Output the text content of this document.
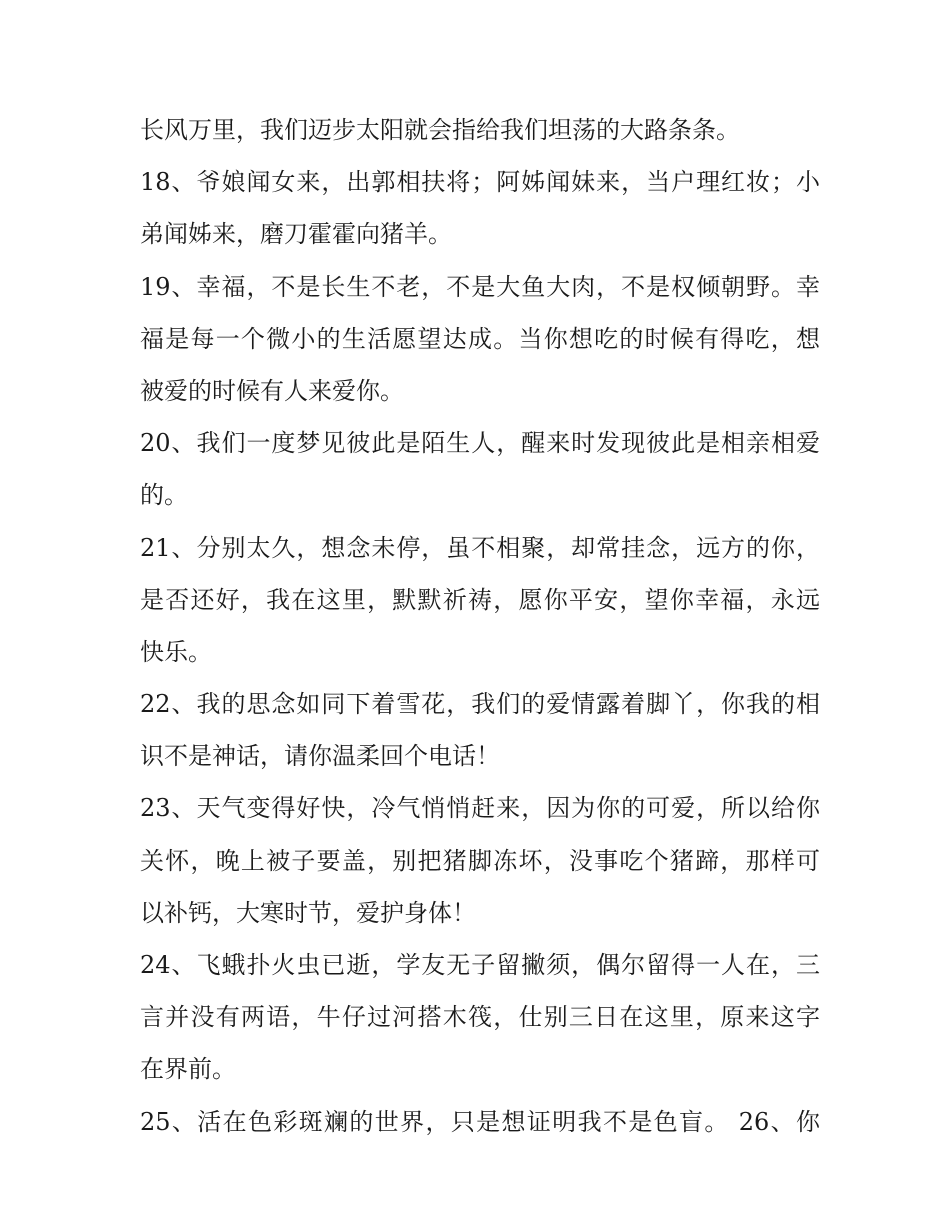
长风万里，我们迈步太阳就会指给我们坦荡的大路条条。
18、爷娘闻女来，出郭相扶将；阿姊闻妹来，当户理红妆；小
弟闻姊来，磨刀霍霍向猪羊。
19、幸福，不是长生不老，不是大鱼大肉，不是权倾朝野。幸
福是每一个微小的生活愿望达成。当你想吃的时候有得吃，想
被爱的时候有人来爱你。
20、我们一度梦见彼此是陌生人，醒来时发现彼此是相亲相爱
的。
21、分别太久，想念未停，虽不相聚，却常挂念，远方的你，
是否还好，我在这里，默默祈祷，愿你平安，望你幸福，永远
快乐。
22、我的思念如同下着雪花，我们的爱情露着脚丫，你我的相
识不是神话，请你温柔回个电话！
23、天气变得好快，冷气悄悄赶来，因为你的可爱，所以给你
关怀，晚上被子要盖，别把猪脚冻坏，没事吃个猪蹄，那样可
以补钙，大寒时节，爱护身体！
24、飞蛾扑火虫已逝，学友无子留撇须，偶尔留得一人在，三
言并没有两语，牛仔过河搭木筏，仕别三日在这里，原来这字
在界前。
25、活在色彩斑斓的世界，只是想证明我不是色盲。 26、你
